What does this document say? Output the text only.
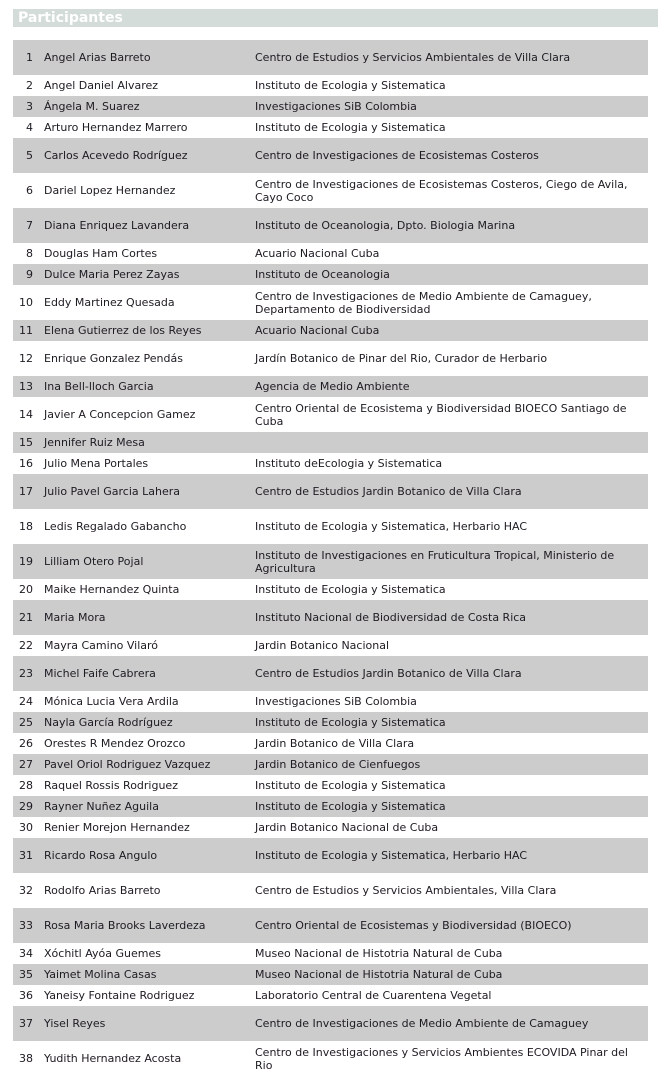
Participantes
1	Angel Arias Barreto	Centro de Estudios y Servicios Ambientales de Villa Clara
2	Angel Daniel Alvarez	Instituto de Ecologia y Sistematica
3	Ángela M. Suarez	Investigaciones SiB Colombia
4	Arturo Hernandez Marrero	Instituto de Ecologia y Sistematica
5	Carlos Acevedo Rodríguez	Centro de Investigaciones de Ecosistemas Costeros
6	Dariel Lopez Hernandez	Centro de Investigaciones de Ecosistemas Costeros, Ciego de Avila, Cayo Coco
7	Diana Enriquez Lavandera	Instituto de Oceanologia, Dpto. Biologia Marina
8	Douglas Ham Cortes	Acuario Nacional Cuba
9	Dulce Maria Perez Zayas	Instituto de Oceanologia
10	Eddy Martinez Quesada	Centro de Investigaciones de Medio Ambiente de Camaguey, Departamento de Biodiversidad
11	Elena Gutierrez de los Reyes	Acuario Nacional Cuba
12	Enrique Gonzalez Pendás	Jardín Botanico de Pinar del Rio, Curador de Herbario
13	Ina Bell-lloch Garcia	Agencia de Medio Ambiente
14	Javier A Concepcion Gamez	Centro Oriental de Ecosistema y Biodiversidad BIOECO Santiago de Cuba
15	Jennifer Ruiz Mesa	
16	Julio Mena Portales	Instituto deEcologia y Sistematica
17	Julio Pavel Garcia Lahera	Centro de Estudios Jardin Botanico de Villa Clara
18	Ledis Regalado Gabancho	Instituto de Ecologia y Sistematica, Herbario HAC
19	Lilliam Otero Pojal	Instituto de Investigaciones en Fruticultura Tropical, Ministerio de Agricultura
20	Maike Hernandez Quinta	Instituto de Ecologia y Sistematica
21	Maria Mora	Instituto Nacional de Biodiversidad de Costa Rica
22	Mayra Camino Vilaró	Jardin Botanico Nacional
23	Michel Faife Cabrera	Centro de Estudios Jardin Botanico de Villa Clara
24	Mónica Lucia Vera Ardila	Investigaciones SiB Colombia
25	Nayla García Rodríguez	Instituto de Ecologia y Sistematica
26	Orestes R Mendez Orozco	Jardin Botanico de Villa Clara
27	Pavel Oriol Rodriguez Vazquez	Jardin Botanico de Cienfuegos
28	Raquel Rossis Rodriguez	Instituto de Ecologia y Sistematica
29	Rayner Nuñez Aguila	Instituto de Ecologia y Sistematica
30	Renier Morejon Hernandez	Jardin Botanico Nacional de Cuba
31	Ricardo Rosa Angulo	Instituto de Ecologia y Sistematica, Herbario HAC
32	Rodolfo Arias Barreto	Centro de Estudios y Servicios Ambientales, Villa Clara
33	Rosa Maria Brooks Laverdeza	Centro Oriental de Ecosistemas y Biodiversidad (BIOECO)
34	Xóchitl Ayóa Guemes	Museo Nacional de Histotria Natural de Cuba
35	Yaimet Molina Casas	Museo Nacional de Histotria Natural de Cuba
36	Yaneisy Fontaine Rodriguez	Laboratorio Central de Cuarentena Vegetal
37	Yisel Reyes	Centro de Investigaciones de Medio Ambiente de Camaguey
38	Yudith Hernandez Acosta	Centro de Investigaciones y Servicios Ambientes ECOVIDA Pinar del Rio
